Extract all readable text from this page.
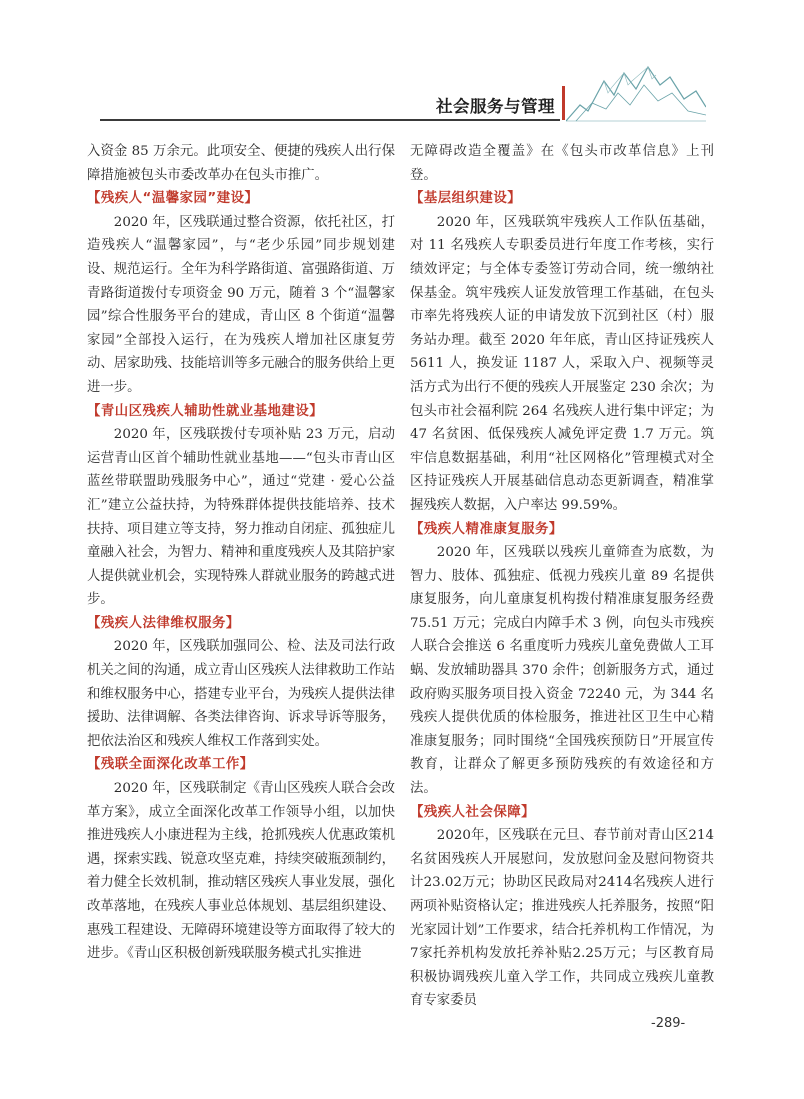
社会服务与管理

入资金 85 万余元。此项安全、便捷的残疾人出行保障措施被包头市委改革办在包头市推广。

【残疾人“温馨家园”建设】

2020 年，区残联通过整合资源，依托社区，打造残疾人“温馨家园”，与“老少乐园”同步规划建设、规范运行。全年为科学路街道、富强路街道、万青路街道拨付专项资金 90 万元，随着 3 个“温馨家园”综合性服务平台的建成，青山区 8 个街道“温馨家园”全部投入运行，在为残疾人增加社区康复劳动、居家助残、技能培训等多元融合的服务供给上更进一步。

【青山区残疾人辅助性就业基地建设】

2020 年，区残联拨付专项补贴 23 万元，启动运营青山区首个辅助性就业基地——“包头市青山区蓝丝带联盟助残服务中心”，通过“党建 · 爱心公益汇”建立公益扶持，为特殊群体提供技能培养、技术扶持、项目建立等支持，努力推动自闭症、孤独症儿童融入社会，为智力、精神和重度残疾人及其陪护家人提供就业机会，实现特殊人群就业服务的跨越式进步。

【残疾人法律维权服务】

2020 年，区残联加强同公、检、法及司法行政机关之间的沟通，成立青山区残疾人法律救助工作站和维权服务中心，搭建专业平台，为残疾人提供法律援助、法律调解、各类法律咨询、诉求导诉等服务，把依法治区和残疾人维权工作落到实处。

【残联全面深化改革工作】

2020 年，区残联制定《青山区残疾人联合会改革方案》，成立全面深化改革工作领导小组，以加快推进残疾人小康进程为主线，抢抓残疾人优惠政策机遇，探索实践、锐意攻坚克难，持续突破瓶颈制约，着力健全长效机制，推动辖区残疾人事业发展，强化改革落地，在残疾人事业总体规划、基层组织建设、惠残工程建设、无障碍环境建设等方面取得了较大的进步。《青山区积极创新残联服务模式扎实推进

无障碍改造全覆盖》在《包头市改革信息》上刊登。

【基层组织建设】

2020 年，区残联筑牢残疾人工作队伍基础，对 11 名残疾人专职委员进行年度工作考核，实行绩效评定；与全体专委签订劳动合同，统一缴纳社保基金。筑牢残疾人证发放管理工作基础，在包头市率先将残疾人证的申请发放下沉到社区（村）服务站办理。截至 2020 年年底，青山区持证残疾人 5611 人，换发证 1187 人，采取入户、视频等灵活方式为出行不便的残疾人开展鉴定 230 余次；为包头市社会福利院 264 名残疾人进行集中评定；为 47 名贫困、低保残疾人减免评定费 1.7 万元。筑牢信息数据基础，利用“社区网格化”管理模式对全区持证残疾人开展基础信息动态更新调查，精准掌握残疾人数据，入户率达 99.59%。

【残疾人精准康复服务】

2020 年，区残联以残疾儿童筛查为底数，为智力、肢体、孤独症、低视力残疾儿童 89 名提供康复服务，向儿童康复机构拨付精准康复服务经费 75.51 万元；完成白内障手术 3 例，向包头市残疾人联合会推送 6 名重度听力残疾儿童免费做人工耳蜗、发放辅助器具 370 余件；创新服务方式，通过政府购买服务项目投入资金 72240 元，为 344 名残疾人提供优质的体检服务，推进社区卫生中心精准康复服务；同时围绕“全国残疾预防日”开展宣传教育，让群众了解更多预防残疾的有效途径和方法。

【残疾人社会保障】

2020年，区残联在元旦、春节前对青山区214名贫困残疾人开展慰问，发放慰问金及慰问物资共计23.02万元；协助区民政局对2414名残疾人进行两项补贴资格认定；推进残疾人托养服务，按照“阳光家园计划”工作要求，结合托养机构工作情况，为7家托养机构发放托养补贴2.25万元；与区教育局积极协调残疾儿童入学工作，共同成立残疾儿童教育专家委员

-289-
